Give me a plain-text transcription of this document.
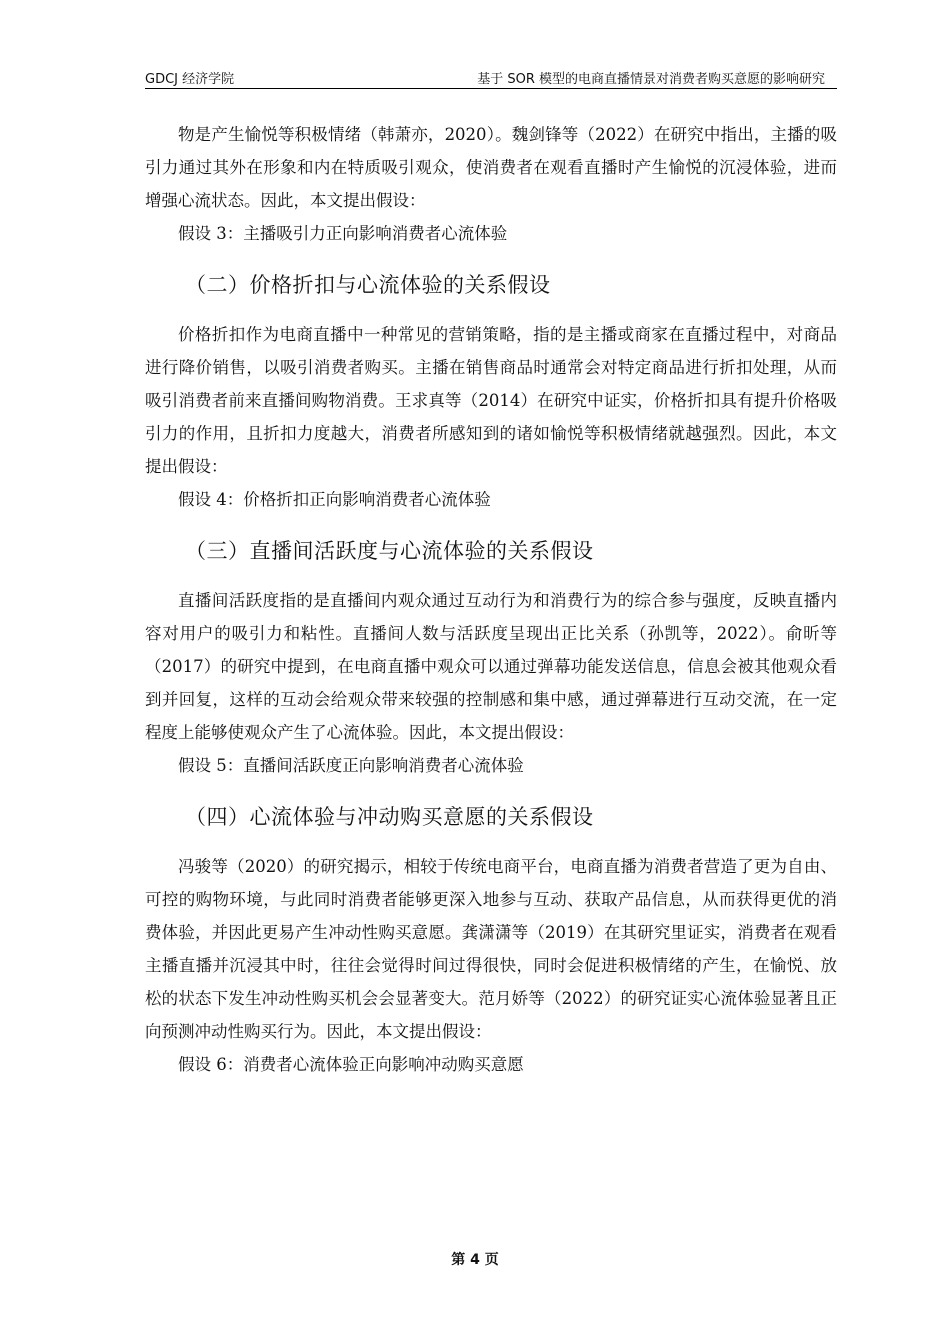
GDCJ 经济学院	基于 SOR 模型的电商直播情景对消费者购买意愿的影响研究

物是产生愉悦等积极情绪（韩萧亦，2020）。魏剑锋等（2022）在研究中指出，主播的吸引力通过其外在形象和内在特质吸引观众，使消费者在观看直播时产生愉悦的沉浸体验，进而增强心流状态。因此，本文提出假设：

假设 3：主播吸引力正向影响消费者心流体验

（二）价格折扣与心流体验的关系假设

价格折扣作为电商直播中一种常见的营销策略，指的是主播或商家在直播过程中，对商品进行降价销售，以吸引消费者购买。主播在销售商品时通常会对特定商品进行折扣处理，从而吸引消费者前来直播间购物消费。王求真等（2014）在研究中证实，价格折扣具有提升价格吸引力的作用，且折扣力度越大，消费者所感知到的诸如愉悦等积极情绪就越强烈。因此，本文提出假设：

假设 4：价格折扣正向影响消费者心流体验

（三）直播间活跃度与心流体验的关系假设

直播间活跃度指的是直播间内观众通过互动行为和消费行为的综合参与强度，反映直播内容对用户的吸引力和粘性。直播间人数与活跃度呈现出正比关系（孙凯等，2022）。俞昕等（2017）的研究中提到，在电商直播中观众可以通过弹幕功能发送信息，信息会被其他观众看到并回复，这样的互动会给观众带来较强的控制感和集中感，通过弹幕进行互动交流，在一定程度上能够使观众产生了心流体验。因此，本文提出假设：

假设 5：直播间活跃度正向影响消费者心流体验

（四）心流体验与冲动购买意愿的关系假设

冯骏等（2020）的研究揭示，相较于传统电商平台，电商直播为消费者营造了更为自由、可控的购物环境，与此同时消费者能够更深入地参与互动、获取产品信息，从而获得更优的消费体验，并因此更易产生冲动性购买意愿。龚潇潇等（2019）在其研究里证实，消费者在观看主播直播并沉浸其中时，往往会觉得时间过得很快，同时会促进积极情绪的产生，在愉悦、放松的状态下发生冲动性购买机会会显著变大。范月娇等（2022）的研究证实心流体验显著且正向预测冲动性购买行为。因此，本文提出假设：

假设 6：消费者心流体验正向影响冲动购买意愿

第 4 页
